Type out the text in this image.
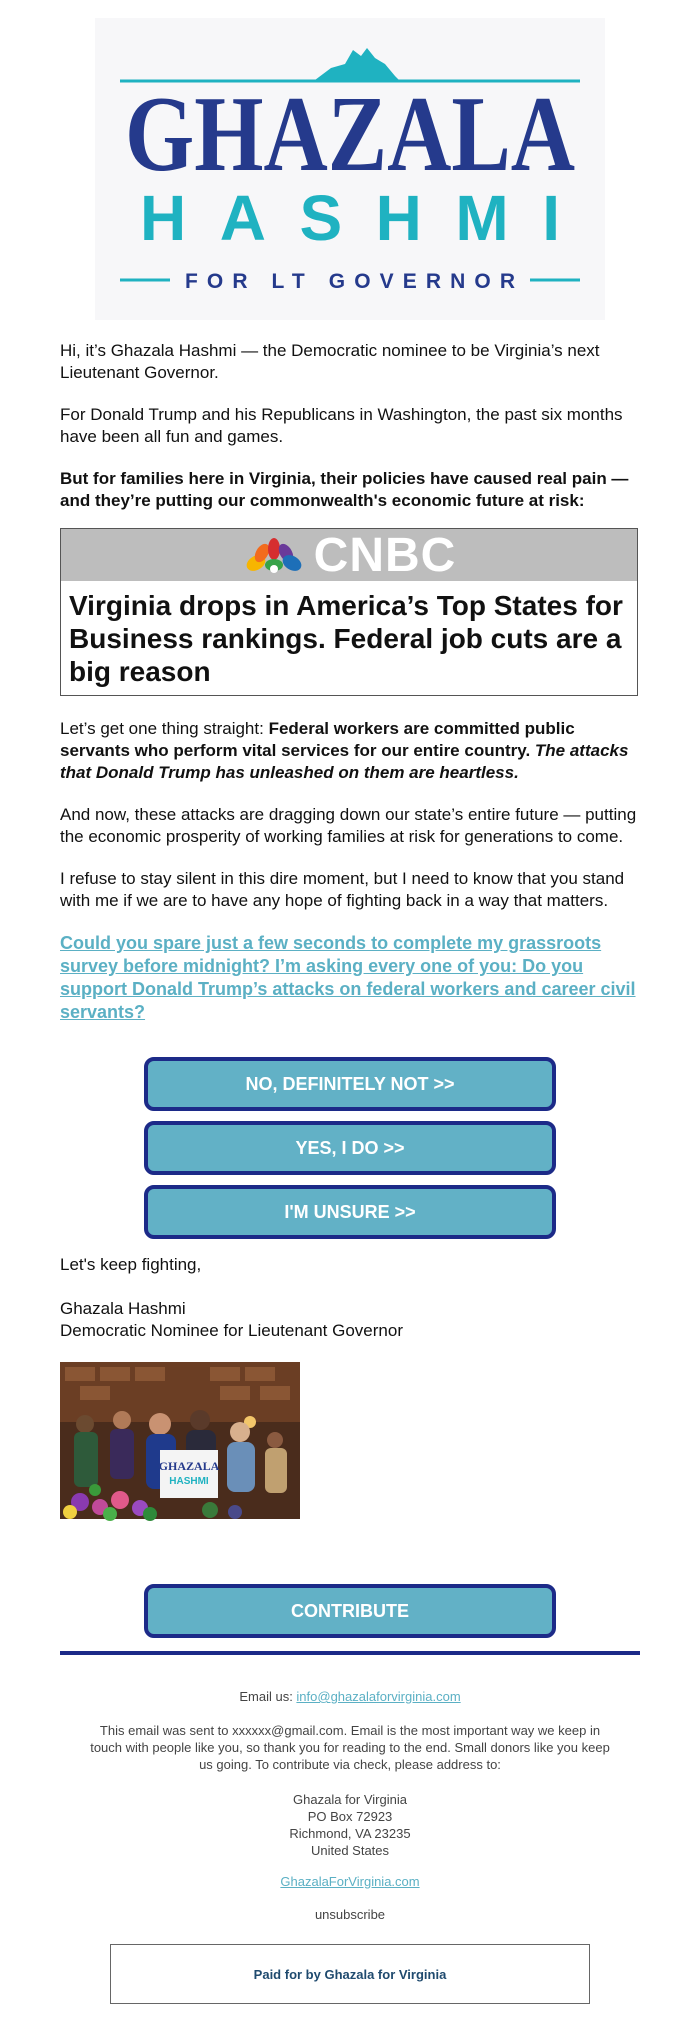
GHAZALA
HASHMI
FOR LT GOVERNOR

Hi, it’s Ghazala Hashmi — the Democratic nominee to be Virginia’s next Lieutenant Governor.

For Donald Trump and his Republicans in Washington, the past six months have been all fun and games.

But for families here in Virginia, their policies have caused real pain — and they’re putting our commonwealth's economic future at risk:

CNBC
Virginia drops in America’s Top States for Business rankings. Federal job cuts are a big reason

Let’s get one thing straight: Federal workers are committed public servants who perform vital services for our entire country. The attacks that Donald Trump has unleashed on them are heartless.

And now, these attacks are dragging down our state’s entire future — putting the economic prosperity of working families at risk for generations to come.

I refuse to stay silent in this dire moment, but I need to know that you stand with me if we are to have any hope of fighting back in a way that matters.

Could you spare just a few seconds to complete my grassroots survey before midnight? I’m asking every one of you: Do you support Donald Trump’s attacks on federal workers and career civil servants?

NO, DEFINITELY NOT >>
YES, I DO >>
I'M UNSURE >>
Let's keep fighting,
Ghazala Hashmi
Democratic Nominee for Lieutenant Governor
GHAZALA
HASHMI
CONTRIBUTE
Email us: info@ghazalaforvirginia.com
This email was sent to xxxxxx@gmail.com. Email is the most important way we keep in touch with people like you, so thank you for reading to the end. Small donors like you keep us going. To contribute via check, please address to:
Ghazala for Virginia
PO Box 72923
Richmond, VA 23235
United States
GhazalaForVirginia.com
unsubscribe
Paid for by Ghazala for Virginia
